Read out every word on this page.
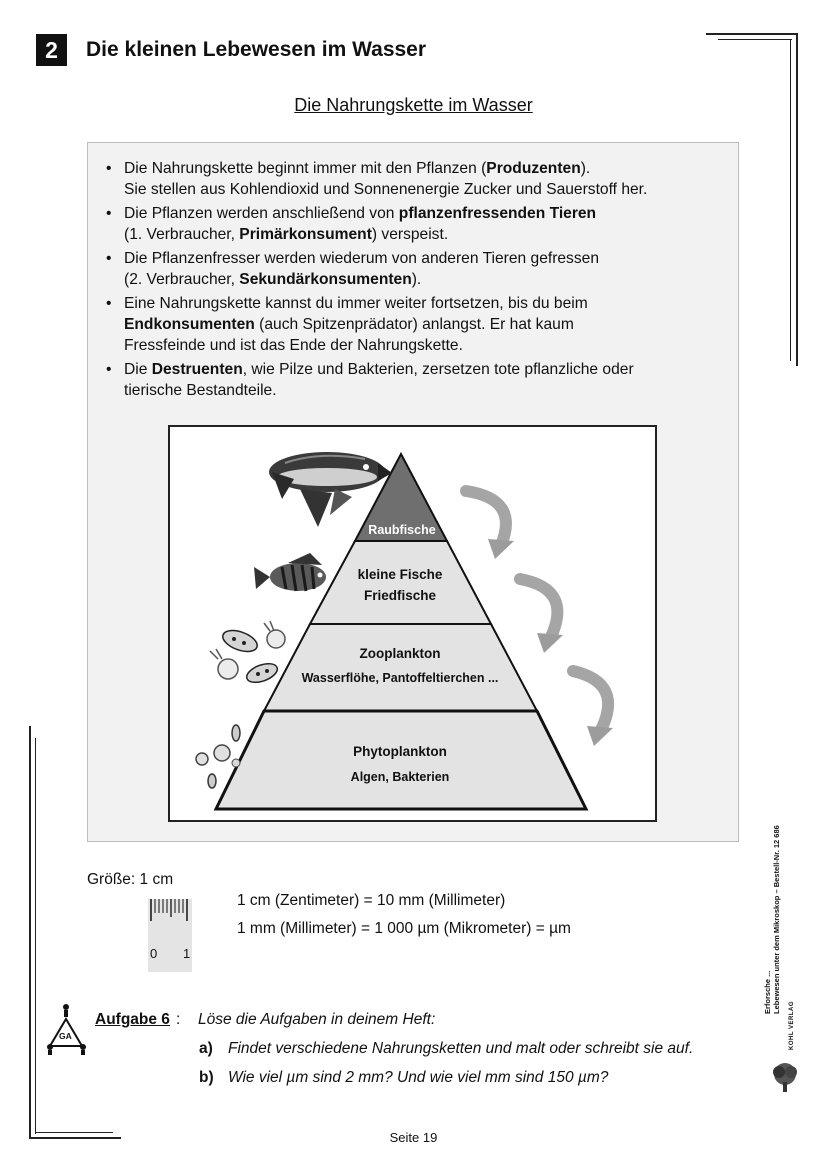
2	Die kleinen Lebewesen im Wasser
Die Nahrungskette im Wasser
• Die Nahrungskette beginnt immer mit den Pflanzen (Produzenten).
Sie stellen aus Kohlendioxid und Sonnenenergie Zucker und Sauerstoff her.
• Die Pflanzen werden anschließend von pflanzenfressenden Tieren
(1. Verbraucher, Primärkonsument) verspeist.
• Die Pflanzenfresser werden wiederum von anderen Tieren gefressen
(2. Verbraucher, Sekundärkonsumenten).
• Eine Nahrungskette kannst du immer weiter fortsetzen, bis du beim
Endkonsumenten (auch Spitzenprädator) anlangst. Er hat kaum
Fressfeinde und ist das Ende der Nahrungskette.
• Die Destruenten, wie Pilze und Bakterien, zersetzen tote pflanzliche oder
tierische Bestandteile.
Raubfische
kleine Fische
Friedfische
Zooplankton
Wasserflöhe, Pantoffeltierchen ...
Phytoplankton
Algen, Bakterien
Größe: 1 cm
0 1
1 cm (Zentimeter) = 10 mm (Millimeter)
1 mm (Millimeter) = 1 000 µm (Mikrometer) = µm
GA
Aufgabe 6 : Löse die Aufgaben in deinem Heft:
a) Findet verschiedene Nahrungsketten und malt oder schreibt sie auf.
b) Wie viel µm sind 2 mm? Und wie viel mm sind 150 µm?
Erforsche ... Lebewesen unter dem Mikroskop – Bestell-Nr. 12 686
KOHL VERLAG
Seite 19
